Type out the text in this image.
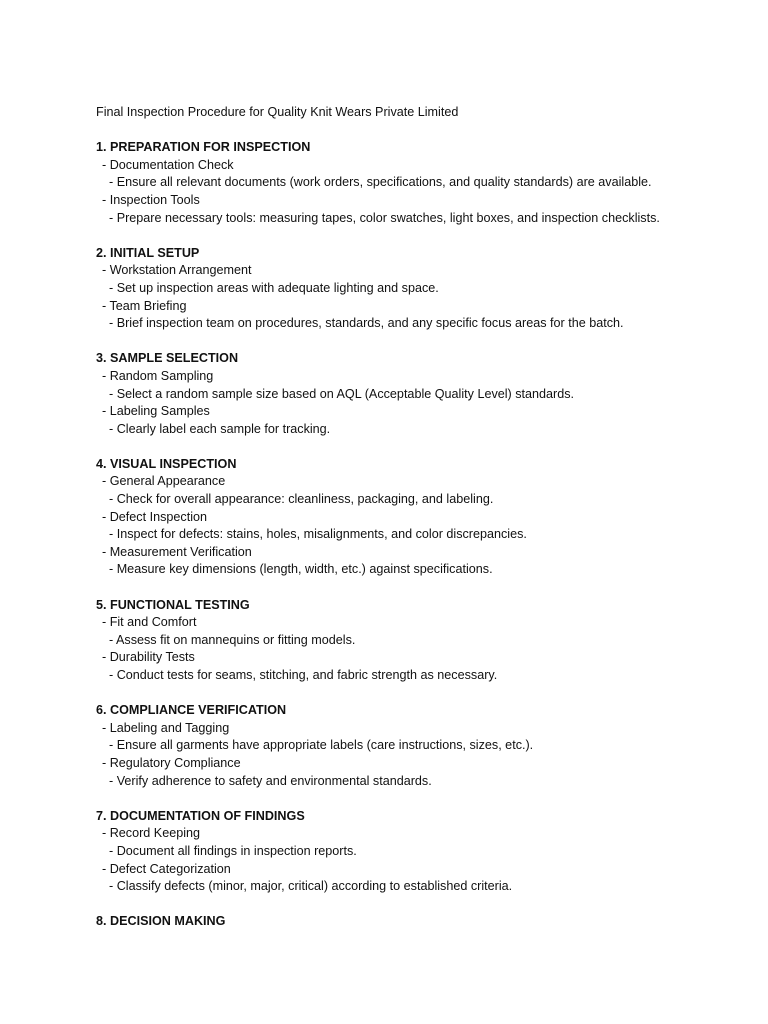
Final Inspection Procedure for Quality Knit Wears Private Limited
1. PREPARATION FOR INSPECTION
- Documentation Check
- Ensure all relevant documents (work orders, specifications, and quality standards) are available.
- Inspection Tools
- Prepare necessary tools: measuring tapes, color swatches, light boxes, and inspection checklists.
2. INITIAL SETUP
- Workstation Arrangement
- Set up inspection areas with adequate lighting and space.
- Team Briefing
- Brief inspection team on procedures, standards, and any specific focus areas for the batch.
3. SAMPLE SELECTION
- Random Sampling
- Select a random sample size based on AQL (Acceptable Quality Level) standards.
- Labeling Samples
- Clearly label each sample for tracking.
4. VISUAL INSPECTION
- General Appearance
- Check for overall appearance: cleanliness, packaging, and labeling.
- Defect Inspection
- Inspect for defects: stains, holes, misalignments, and color discrepancies.
- Measurement Verification
- Measure key dimensions (length, width, etc.) against specifications.
5. FUNCTIONAL TESTING
- Fit and Comfort
- Assess fit on mannequins or fitting models.
- Durability Tests
- Conduct tests for seams, stitching, and fabric strength as necessary.
6. COMPLIANCE VERIFICATION
- Labeling and Tagging
- Ensure all garments have appropriate labels (care instructions, sizes, etc.).
- Regulatory Compliance
- Verify adherence to safety and environmental standards.
7. DOCUMENTATION OF FINDINGS
- Record Keeping
- Document all findings in inspection reports.
- Defect Categorization
- Classify defects (minor, major, critical) according to established criteria.
8. DECISION MAKING
